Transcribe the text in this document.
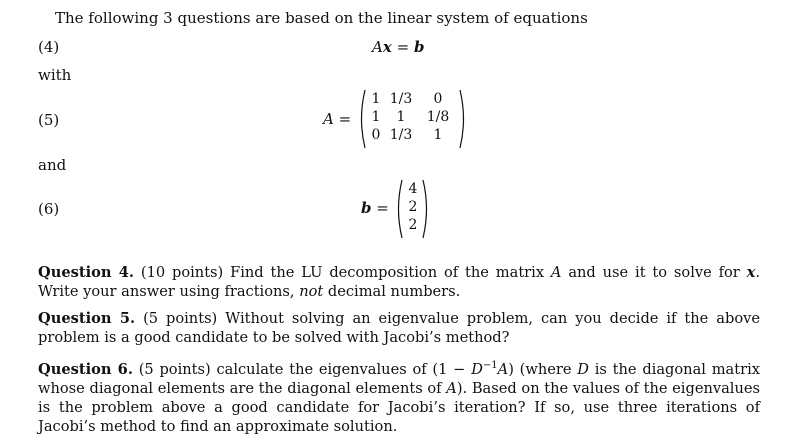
The following 3 questions are based on the linear system of equations
(4)	Ax = b
with
(5)	A =
1 1/3	0
1	1	1/8
0 1/3	1
and
(6)	b =
4
2
2
Question 4. (10 points) Find the LU decomposition of the matrix A and use it to solve for x. Write your answer using fractions, not decimal numbers.
Question 5. (5 points) Without solving an eigenvalue problem, can you decide if the above problem is a good candidate to be solved with Jacobi’s method?
Question 6. (5 points) calculate the eigenvalues of $(1 - D^{-1}A)$ (where D is the diagonal matrix whose diagonal elements are the diagonal elements of A). Based on the values of the eigenvalues is the problem above a good candidate for Jacobi’s iteration? If so, use three iterations of Jacobi’s method to find an approximate solution.
